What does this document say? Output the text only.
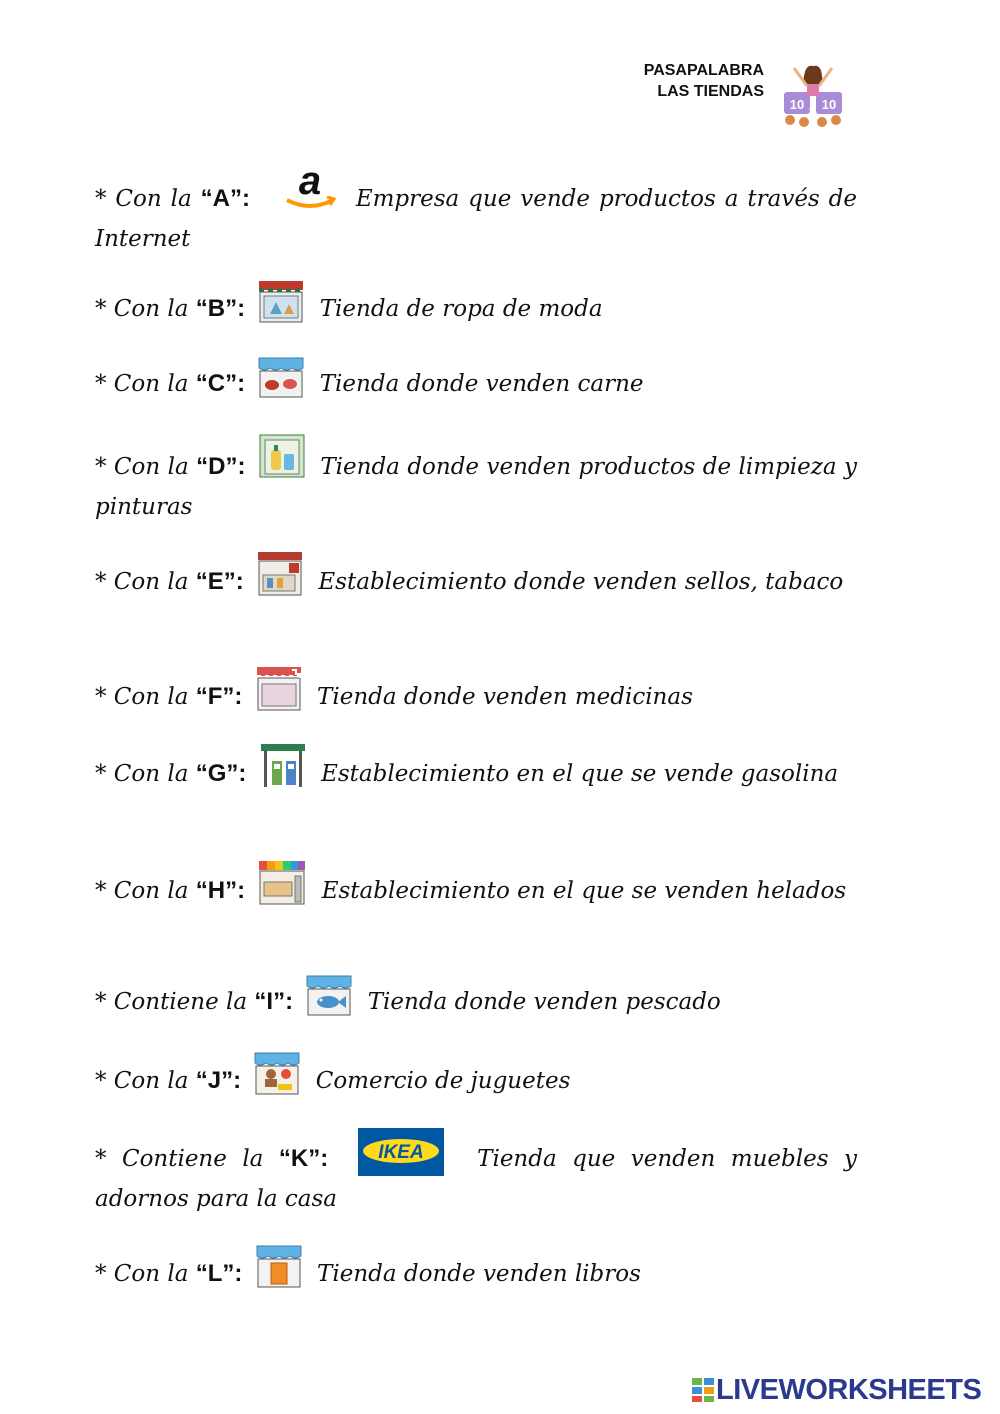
PASAPALABRA
LAS TIENDAS
10 10
* Con la “A”: a Empresa que vende productos a través de Internet
* Con la “B”:	Tienda de ropa de moda
* Con la “C”:	Tienda donde venden carne
* Con la “D”:	Tienda donde venden productos de limpieza y pinturas
* Con la “E”:	Establecimiento donde venden sellos, tabaco
* Con la “F”:	Tienda donde venden medicinas
* Con la “G”:	Establecimiento en el que se vende gasolina
* Con la “H”:	Establecimiento en el que se venden helados
* Contiene la “I”:	Tienda donde venden pescado
* Con la “J”:	Comercio de juguetes
* Contiene la “K”:	IKEA Tienda que venden muebles y adornos para la casa
* Con la “L”:	Tienda donde venden libros
LIVEWORKSHEETS
